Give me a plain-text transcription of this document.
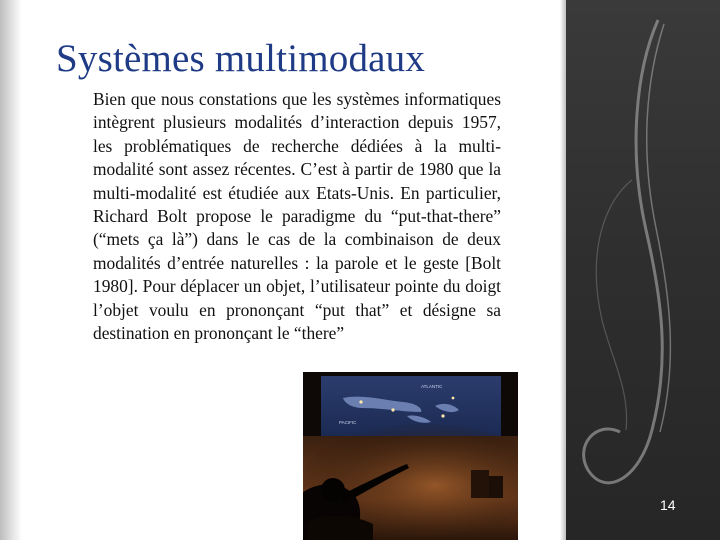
Systèmes multimodaux

Bien que nous constations que les systèmes informatiques intègrent plusieurs modalités d’interaction depuis 1957, les problématiques de recherche dédiées à la multi-modalité sont assez récentes. C’est à partir de 1980 que la multi-modalité est étudiée aux Etats-Unis. En particulier, Richard Bolt propose le paradigme du “put-that-there” (“mets ça là”) dans le cas de la combinaison de deux modalités d’entrée naturelles : la parole et le geste [Bolt 1980]. Pour déplacer un objet, l’utilisateur pointe du doigt l’objet voulu en prononçant “put that” et désigne sa destination en prononçant le “there”

ATLANTIC
PACIFIC
14
